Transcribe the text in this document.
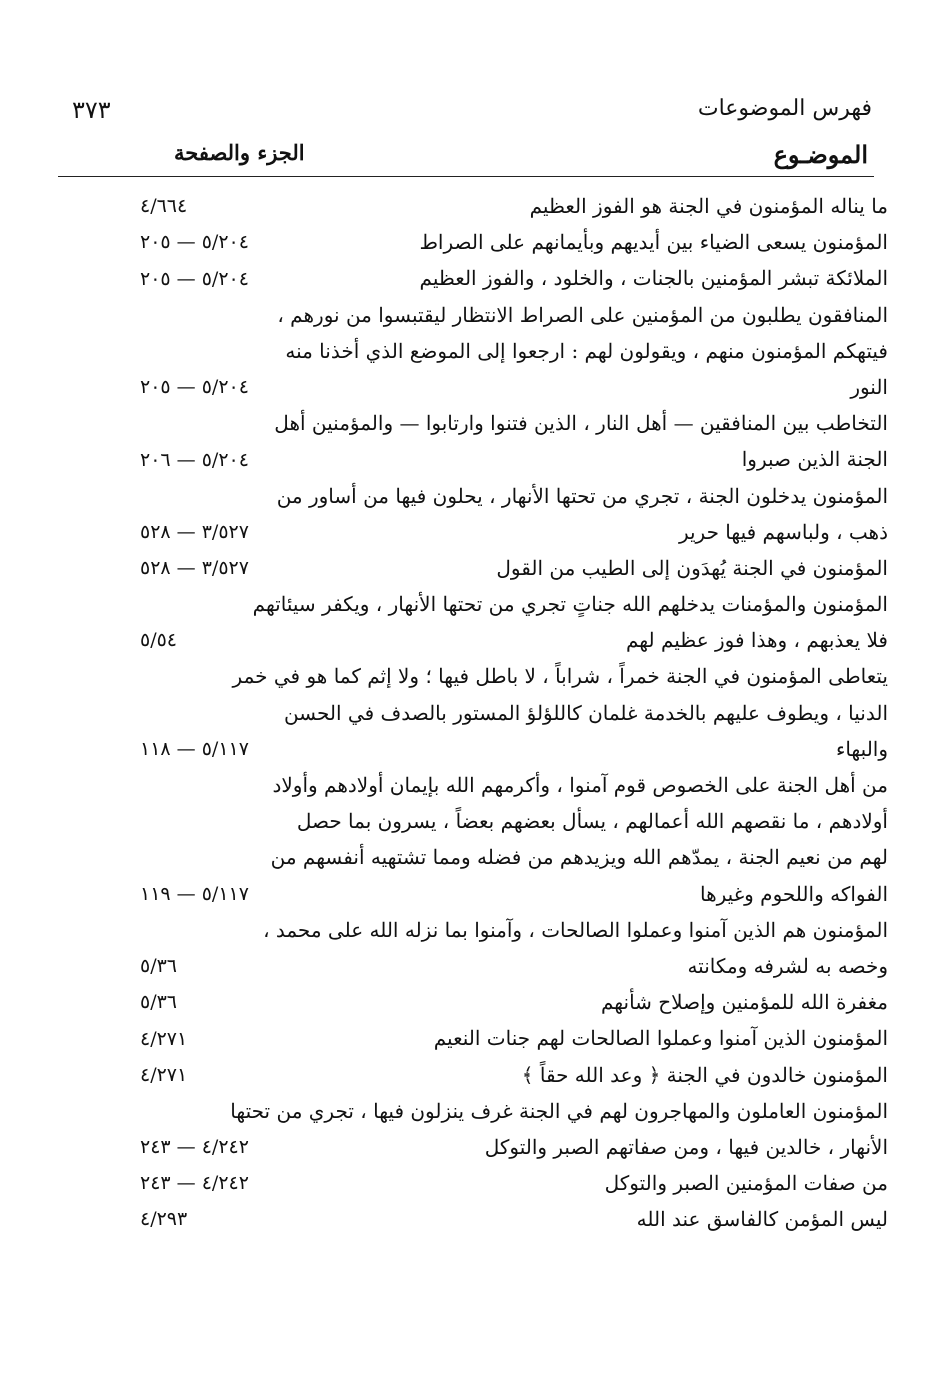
٣٧٣	فهرس الموضوعات
الموضـوع
الجزء والصفحة
ما يناله المؤمنون في الجنة هو الفوز العظيم
٤/٦٦٤
المؤمنون يسعى الضياء بين أيديهم وبأيمانهم على الصراط
٥/٢٠٤ — ٢٠٥
الملائكة تبشر المؤمنين بالجنات ، والخلود ، والفوز العظيم
٥/٢٠٤ — ٢٠٥
المنافقون يطلبون من المؤمنين على الصراط الانتظار ليقتبسوا من نورهم ،
فيتهكم المؤمنون منهم ، ويقولون لهم : ارجعوا إلى الموضع الذي أخذنا منه
النور
٥/٢٠٤ — ٢٠٥
التخاطب بين المنافقين — أهل النار ، الذين فتنوا وارتابوا — والمؤمنين أهل
الجنة الذين صبروا
٥/٢٠٤ — ٢٠٦
المؤمنون يدخلون الجنة ، تجري من تحتها الأنهار ، يحلون فيها من أساور من
ذهب ، ولباسهم فيها حرير
٣/٥٢٧ — ٥٢٨
المؤمنون في الجنة يُهدَون إلى الطيب من القول
٣/٥٢٧ — ٥٢٨
المؤمنون والمؤمنات يدخلهم الله جناتٍ تجري من تحتها الأنهار ، ويكفر سيئاتهم
فلا يعذبهم ، وهذا فوز عظيم لهم
٥/٥٤
يتعاطى المؤمنون في الجنة خمراً ، شراباً ، لا باطل فيها ؛ ولا إثم كما هو في خمر
الدنيا ، ويطوف عليهم بالخدمة غلمان كاللؤلؤ المستور بالصدف في الحسن
والبهاء
٥/١١٧ — ١١٨
من أهل الجنة على الخصوص قوم آمنوا ، وأكرمهم الله بإيمان أولادهم وأولاد
أولادهم ، ما نقصهم الله أعمالهم ، يسأل بعضهم بعضاً ، يسرون بما حصل
لهم من نعيم الجنة ، يمدّهم الله ويزيدهم من فضله ومما تشتهيه أنفسهم من
الفواكه واللحوم وغيرها
٥/١١٧ — ١١٩
المؤمنون هم الذين آمنوا وعملوا الصالحات ، وآمنوا بما نزله الله على محمد ،
وخصه به لشرفه ومكانته
٥/٣٦
مغفرة الله للمؤمنين وإصلاح شأنهم
٥/٣٦
المؤمنون الذين آمنوا وعملوا الصالحات لهم جنات النعيم
٤/٢٧١
المؤمنون خالدون في الجنة ﴿ وعد الله حقاً ﴾
٤/٢٧١
المؤمنون العاملون والمهاجرون لهم في الجنة غرف ينزلون فيها ، تجري من تحتها
الأنهار ، خالدين فيها ، ومن صفاتهم الصبر والتوكل
٤/٢٤٢ — ٢٤٣
من صفات المؤمنين الصبر والتوكل
٤/٢٤٢ — ٢٤٣
ليس المؤمن كالفاسق عند الله
٤/٢٩٣
